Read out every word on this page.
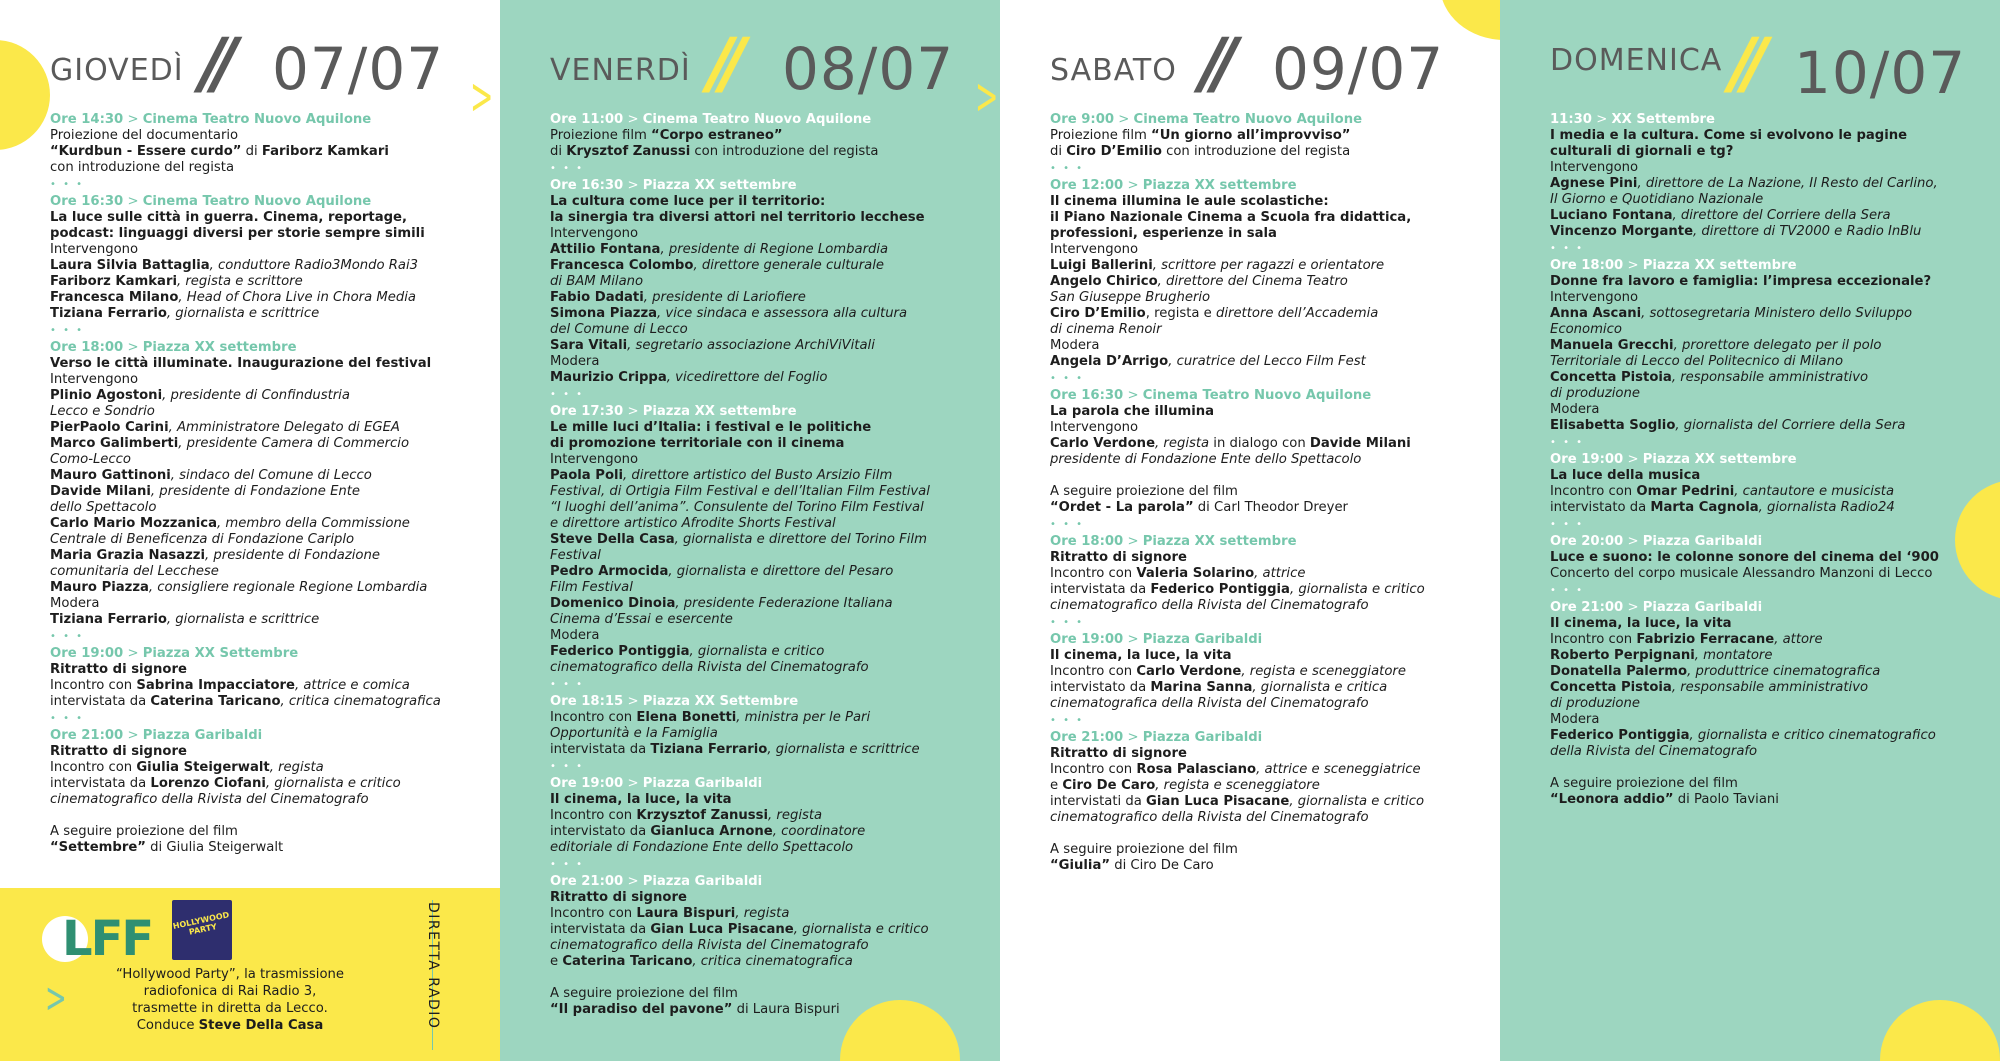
GIOVEDÌ // 07/07
Ore 14:30 > Cinema Teatro Nuovo Aquilone
Proiezione del documentario
“Kurdbun - Essere curdo” di Fariborz Kamkari
con introduzione del regista
• • •
Ore 16:30 > Cinema Teatro Nuovo Aquilone
La luce sulle città in guerra. Cinema, reportage,
podcast: linguaggi diversi per storie sempre simili
Intervengono
Laura Silvia Battaglia, conduttore Radio3Mondo Rai3
Fariborz Kamkari, regista e scrittore
Francesca Milano, Head of Chora Live in Chora Media
Tiziana Ferrario, giornalista e scrittrice
• • •
Ore 18:00 > Piazza XX settembre
Verso le città illuminate. Inaugurazione del festival
Intervengono
Plinio Agostoni, presidente di Confindustria
Lecco e Sondrio
PierPaolo Carini, Amministratore Delegato di EGEA
Marco Galimberti, presidente Camera di Commercio
Como-Lecco
Mauro Gattinoni, sindaco del Comune di Lecco
Davide Milani, presidente di Fondazione Ente
dello Spettacolo
Carlo Mario Mozzanica, membro della Commissione
Centrale di Beneficenza di Fondazione Cariplo
Maria Grazia Nasazzi, presidente di Fondazione
comunitaria del Lecchese
Mauro Piazza, consigliere regionale Regione Lombardia
Modera
Tiziana Ferrario, giornalista e scrittrice
• • •
Ore 19:00 > Piazza XX Settembre
Ritratto di signore
Incontro con Sabrina Impacciatore, attrice e comica
intervistata da Caterina Taricano, critica cinematografica
• • •
Ore 21:00 > Piazza Garibaldi
Ritratto di signore
Incontro con Giulia Steigerwalt, regista
intervistata da Lorenzo Ciofani, giornalista e critico
cinematografico della Rivista del Cinematografo
A seguire proiezione del film
“Settembre” di Giulia Steigerwalt
VENERDÌ // 08/07
Ore 11:00 > Cinema Teatro Nuovo Aquilone
Proiezione film “Corpo estraneo”
di Krysztof Zanussi con introduzione del regista
• • •
Ore 16:30 > Piazza XX settembre
La cultura come luce per il territorio:
la sinergia tra diversi attori nel territorio lecchese
Intervengono
Attilio Fontana, presidente di Regione Lombardia
Francesca Colombo, direttore generale culturale
di BAM Milano
Fabio Dadati, presidente di Lariofiere
Simona Piazza, vice sindaca e assessora alla cultura
del Comune di Lecco
Sara Vitali, segretario associazione ArchiViVitali
Modera
Maurizio Crippa, vicedirettore del Foglio
• • •
Ore 17:30 > Piazza XX settembre
Le mille luci d’Italia: i festival e le politiche
di promozione territoriale con il cinema
Intervengono
Paola Poli, direttore artistico del Busto Arsizio Film
Festival, di Ortigia Film Festival e dell’Italian Film Festival
“I luoghi dell’anima”. Consulente del Torino Film Festival
e direttore artistico Afrodite Shorts Festival
Steve Della Casa, giornalista e direttore del Torino Film
Festival
Pedro Armocida, giornalista e direttore del Pesaro
Film Festival
Domenico Dinoia, presidente Federazione Italiana
Cinema d’Essai e esercente
Modera
Federico Pontiggia, giornalista e critico
cinematografico della Rivista del Cinematografo
• • •
Ore 18:15 > Piazza XX Settembre
Incontro con Elena Bonetti, ministra per le Pari
Opportunità e la Famiglia
intervistata da Tiziana Ferrario, giornalista e scrittrice
• • •
Ore 19:00 > Piazza Garibaldi
Il cinema, la luce, la vita
Incontro con Krzysztof Zanussi, regista
intervistato da Gianluca Arnone, coordinatore
editoriale di Fondazione Ente dello Spettacolo
• • •
Ore 21:00 > Piazza Garibaldi
Ritratto di signore
Incontro con Laura Bispuri, regista
intervistata da Gian Luca Pisacane, giornalista e critico
cinematografico della Rivista del Cinematografo
e Caterina Taricano, critica cinematografica
A seguire proiezione del film
“Il paradiso del pavone” di Laura Bispuri
SABATO // 09/07
Ore 9:00 > Cinema Teatro Nuovo Aquilone
Proiezione film “Un giorno all’improvviso”
di Ciro D’Emilio con introduzione del regista
• • •
Ore 12:00 > Piazza XX settembre
Il cinema illumina le aule scolastiche:
il Piano Nazionale Cinema a Scuola fra didattica,
professioni, esperienze in sala
Intervengono
Luigi Ballerini, scrittore per ragazzi e orientatore
Angelo Chirico, direttore del Cinema Teatro
San Giuseppe Brugherio
Ciro D’Emilio, regista e direttore dell’Accademia
di cinema Renoir
Modera
Angela D’Arrigo, curatrice del Lecco Film Fest
• • •
Ore 16:30 > Cinema Teatro Nuovo Aquilone
La parola che illumina
Intervengono
Carlo Verdone, regista in dialogo con Davide Milani
presidente di Fondazione Ente dello Spettacolo
A seguire proiezione del film
“Ordet - La parola” di Carl Theodor Dreyer
• • •
Ore 18:00 > Piazza XX settembre
Ritratto di signore
Incontro con Valeria Solarino, attrice
intervistata da Federico Pontiggia, giornalista e critico
cinematografico della Rivista del Cinematografo
• • •
Ore 19:00 > Piazza Garibaldi
Il cinema, la luce, la vita
Incontro con Carlo Verdone, regista e sceneggiatore
intervistato da Marina Sanna, giornalista e critica
cinematografica della Rivista del Cinematografo
• • •
Ore 21:00 > Piazza Garibaldi
Ritratto di signore
Incontro con Rosa Palasciano, attrice e sceneggiatrice
e Ciro De Caro, regista e sceneggiatore
intervistati da Gian Luca Pisacane, giornalista e critico
cinematografico della Rivista del Cinematografo
A seguire proiezione del film
“Giulia” di Ciro De Caro
DOMENICA // 10/07
11:30 > XX Settembre
I media e la cultura. Come si evolvono le pagine
culturali di giornali e tg?
Intervengono
Agnese Pini, direttore de La Nazione, Il Resto del Carlino,
Il Giorno e Quotidiano Nazionale
Luciano Fontana, direttore del Corriere della Sera
Vincenzo Morgante, direttore di TV2000 e Radio InBlu
• • •
Ore 18:00 > Piazza XX settembre
Donne fra lavoro e famiglia: l’impresa eccezionale?
Intervengono
Anna Ascani, sottosegretaria Ministero dello Sviluppo
Economico
Manuela Grecchi, prorettore delegato per il polo
Territoriale di Lecco del Politecnico di Milano
Concetta Pistoia, responsabile amministrativo
di produzione
Modera
Elisabetta Soglio, giornalista del Corriere della Sera
• • •
Ore 19:00 > Piazza XX settembre
La luce della musica
Incontro con Omar Pedrini, cantautore e musicista
intervistato da Marta Cagnola, giornalista Radio24
• • •
Ore 20:00 > Piazza Garibaldi
Luce e suono: le colonne sonore del cinema del ‘900
Concerto del corpo musicale Alessandro Manzoni di Lecco
• • •
Ore 21:00 > Piazza Garibaldi
Il cinema, la luce, la vita
Incontro con Fabrizio Ferracane, attore
Roberto Perpignani, montatore
Donatella Palermo, produttrice cinematografica
Concetta Pistoia, responsabile amministrativo
di produzione
Modera
Federico Pontiggia, giornalista e critico cinematografico
della Rivista del Cinematografo
A seguire proiezione del film
“Leonora addio” di Paolo Taviani
>	>
LFF HOLLYWOOD PARTY
>
“Hollywood Party”, la trasmissione
radiofonica di Rai Radio 3,
trasmette in diretta da Lecco.
Conduce Steve Della Casa	DIRETTA RADIO
